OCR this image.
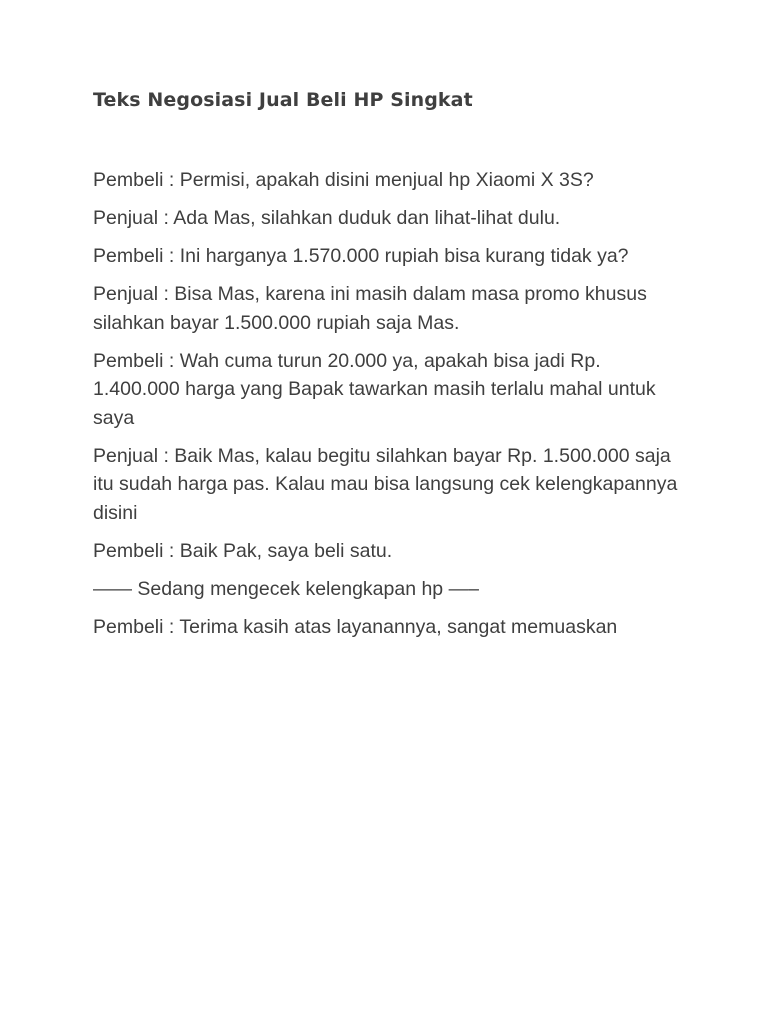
Teks Negosiasi Jual Beli HP Singkat

Pembeli : Permisi, apakah disini menjual hp Xiaomi X 3S?

Penjual : Ada Mas, silahkan duduk dan lihat-lihat dulu.

Pembeli : Ini harganya 1.570.000 rupiah bisa kurang tidak ya?

Penjual : Bisa Mas, karena ini masih dalam masa promo khusus silahkan bayar 1.500.000 rupiah saja Mas.

Pembeli : Wah cuma turun 20.000 ya, apakah bisa jadi Rp. 1.400.000 harga yang Bapak tawarkan masih terlalu mahal untuk saya

Penjual : Baik Mas, kalau begitu silahkan bayar Rp. 1.500.000 saja itu sudah harga pas. Kalau mau bisa langsung cek kelengkapannya disini

Pembeli : Baik Pak, saya beli satu.

—— Sedang mengecek kelengkapan hp —–

Pembeli : Terima kasih atas layanannya, sangat memuaskan
